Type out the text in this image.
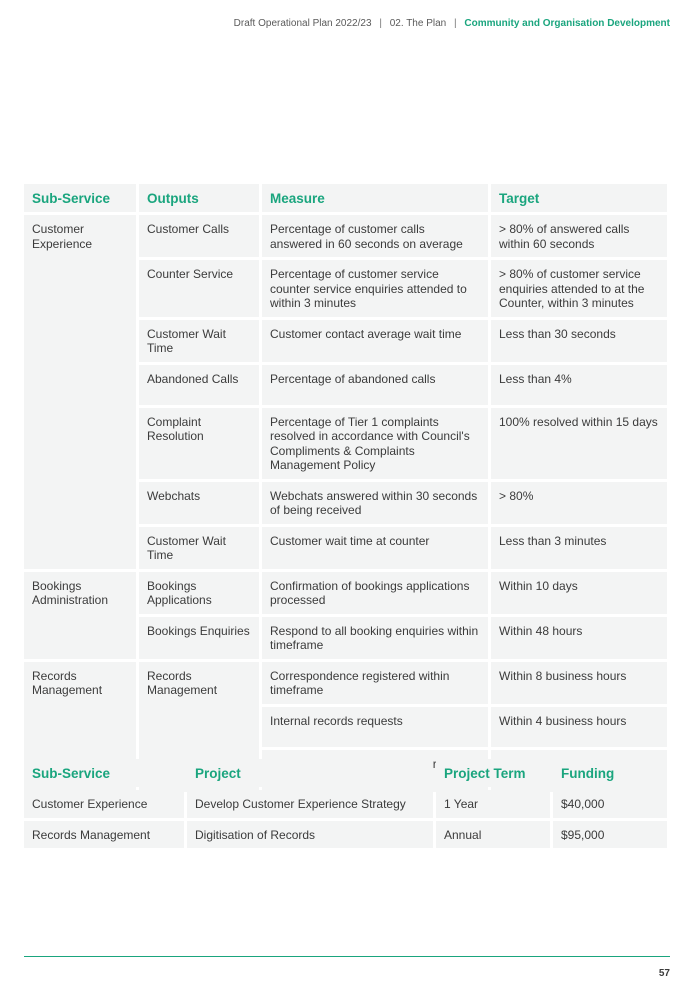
Draft Operational Plan 2022/23 | 02. The Plan | Community and Organisation Development
Sub-Service	Outputs	Measure	Target
Customer Experience	Customer Calls	Percentage of customer calls answered in 60 seconds on average	> 80% of answered calls within 60 seconds
	Counter Service	Percentage of customer service counter service enquiries attended to within 3 minutes	> 80% of customer service enquiries attended to at the Counter, within 3 minutes
	Customer Wait Time	Customer contact average wait time	Less than 30 seconds
	Abandoned Calls	Percentage of abandoned calls	Less than 4%
	Complaint Resolution	Percentage of Tier 1 complaints resolved in accordance with Council's Compliments & Complaints Management Policy	100% resolved within 15 days
	Webchats	Webchats answered within 30 seconds of being received	> 80%
	Customer Wait Time	Customer wait time at counter	Less than 3 minutes
Bookings Administration	Bookings Applications	Confirmation of bookings applications processed	Within 10 days
	Bookings Enquiries	Respond to all booking enquiries within timeframe	Within 48 hours
Records Management	Records Management	Correspondence registered within timeframe	Within 8 business hours
		Internal records requests	Within 4 business hours

Sub-Service	Project	Project Term	Funding
Customer Experience	Develop Customer Experience Strategy	1 Year	$40,000
Records Management	Digitisation of Records	Annual	$95,000
57
